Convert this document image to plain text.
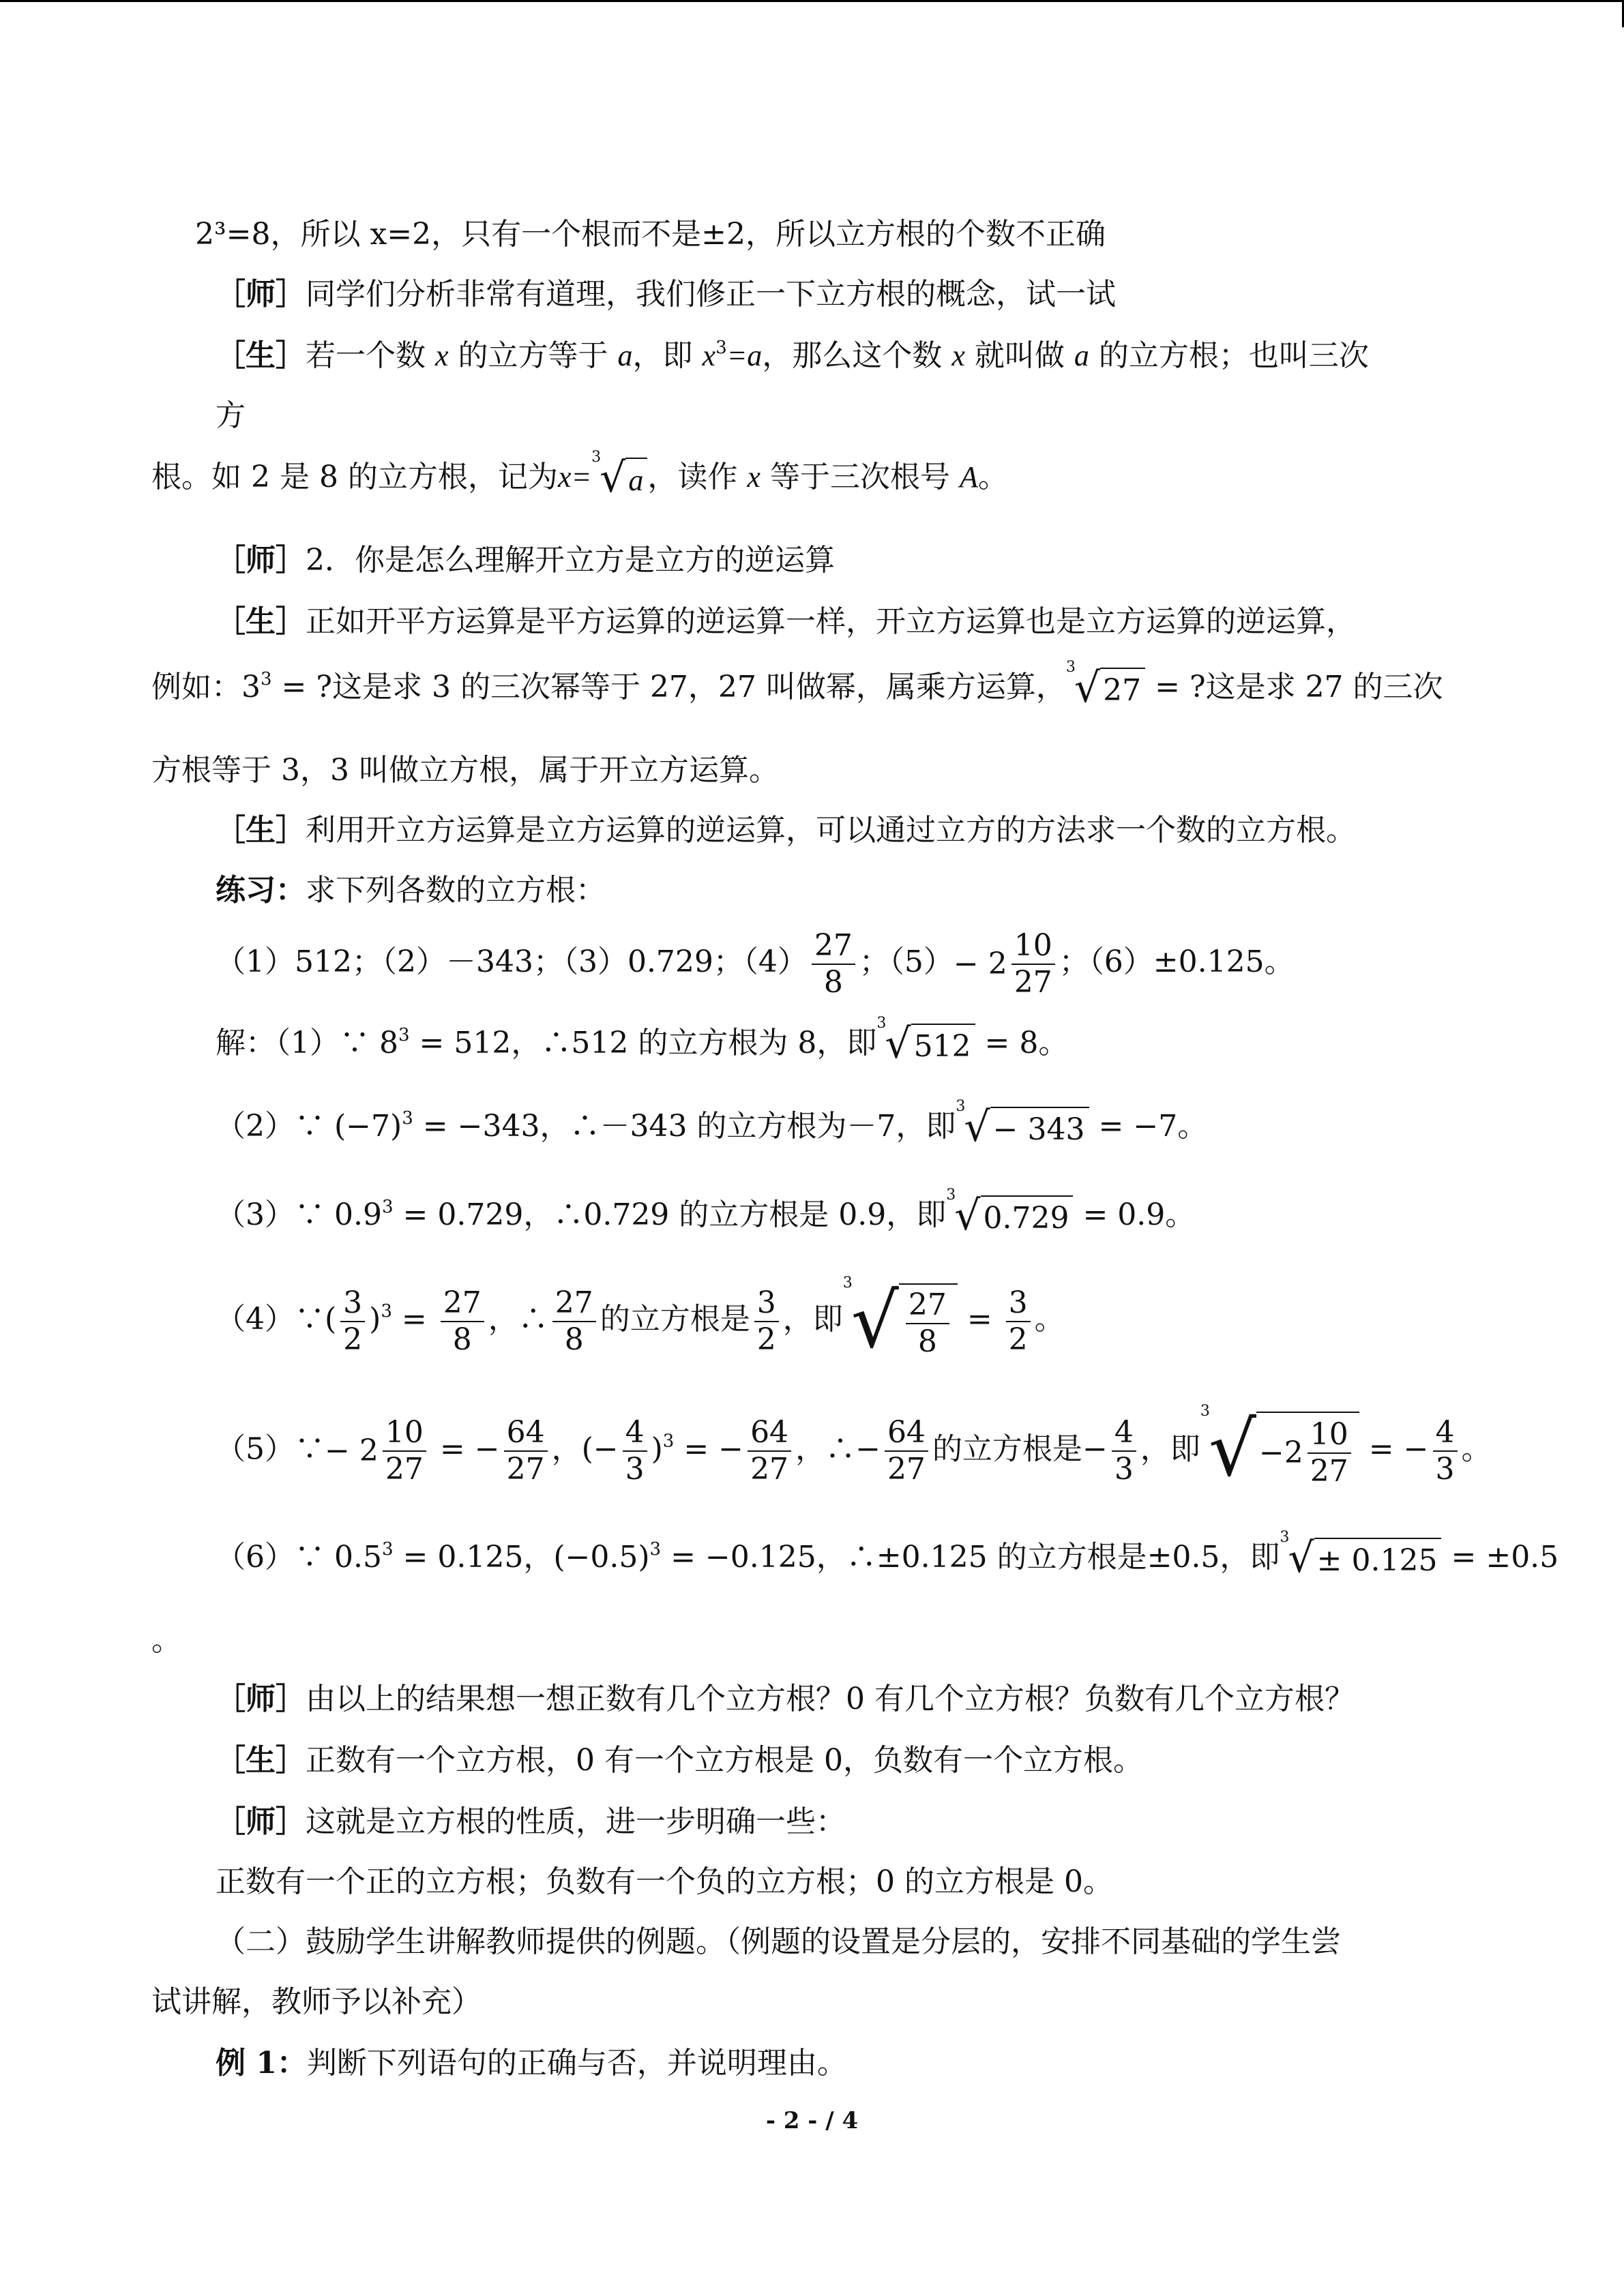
2³=8，所以 x=2，只有一个根而不是±2，所以立方根的个数不正确
［师］同学们分析非常有道理，我们修正一下立方根的概念，试一试
［生］若一个数 x 的立方等于 a，即 $x^3=a$，那么这个数 x 就叫做 a 的立方根；也叫三次
方
根。如 2 是 8 的立方根，记为x=
3
√ a ，读作 x 等于三次根号 A。
［师］2．你是怎么理解开立方是立方的逆运算
［生］正如开平方运算是平方运算的逆运算一样，开立方运算也是立方运算的逆运算，
例如：$3^3$ = ?这是求 3 的三次幂等于 27，27 叫做幂，属乘方运算，
3
√ 27 = ?这是求 27 的三次
方根等于 3，3 叫做立方根，属于开立方运算。
［生］利用开立方运算是立方运算的逆运算，可以通过立方的方法求一个数的立方根。
练习：求下列各数的立方根：
（1）512；（2）－343；（3）0.729；$(4) \frac{27}{8}$ ；$(5) - 2 \frac{10}{27}$ ；（6）±0.125。
解：（1）∵ $8^3 = 512$，∴512 的立方根为 8，即
3
√ 512 = 8。
（2）∵ $(-7)^3 = -343$，∴－343 的立方根为－7，即
3
√ − 343 = −7。
（3）∵ $0.9^3 = 0.729$，∴0.729 的立方根是 0.9，即
3
√ 0.729 = 0.9。
（4）∵( $\frac{3}{2} )^3 = \frac{27}{8}$ ，∴ $\frac{27}{8}$ 的立方根是 $\frac{3}{2}$ ，即
3
√ $\frac{27}{8} = \frac{3}{2}$ 。
（5）∵ − $2 \frac{10}{27}$ = − $\frac{64}{27}$ ，(− $\frac{4}{3} )^3$ = − $\frac{64}{27}$ ，∴− $\frac{64}{27}$ 的立方根是− $\frac{4}{3}$ ，即
3
√ $-2 \frac{10}{27}$ = − $\frac{4}{3}$ 。
（6）∵ $0.5^3 = 0.125$，$(-0.5)^3 = -0.125$，∴±0.125 的立方根是±0.5，即
3
√ ± 0.125 = ±0.5
。
［师］由以上的结果想一想正数有几个立方根？0 有几个立方根？负数有几个立方根？
［生］正数有一个立方根，0 有一个立方根是 0，负数有一个立方根。
［师］这就是立方根的性质，进一步明确一些：
正数有一个正的立方根；负数有一个负的立方根；0 的立方根是 0。
（二）鼓励学生讲解教师提供的例题。（例题的设置是分层的，安排不同基础的学生尝
试讲解，教师予以补充）
例 1：判断下列语句的正确与否，并说明理由。
- 2 - / 4
